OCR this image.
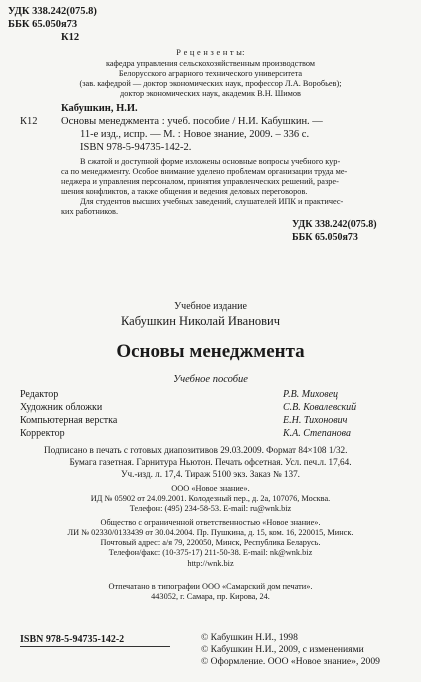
УДК 338.242(075.8)
ББК 65.050я73
К12
Р е ц е н з е н т ы:
кафедра управления сельскохозяйственным производством
Белорусского аграрного технического университета
(зав. кафедрой — доктор экономических наук, профессор Л.А. Воробьев);
доктор экономических наук, академик В.Н. Шимов
Кабушкин, Н.И.
К12 Основы менеджмента : учеб. пособие / Н.И. Кабушкин. —
11-е изд., испр. — М. : Новое знание, 2009. – 336 с.
ISBN 978-5-94735-142-2.
В сжатой и доступной форме изложены основные вопросы учебного кур-
са по менеджменту. Особое внимание уделено проблемам организации труда ме-
неджера и управления персоналом, принятия управленческих решений, разре-
шения конфликтов, а также общения и ведения деловых переговоров.
Для студентов высших учебных заведений, слушателей ИПК и практичес-
ких работников.
УДК 338.242(075.8)
ББК 65.050я73
Учебное издание
Кабушкин Николай Иванович
Основы менеджмента
Учебное пособие
Редактор	Р.В. Миховец
Художник обложки	С.В. Ковалевский
Компьютерная верстка	Е.Н. Тихонович
Корректор	К.А. Степанова
Подписано в печать с готовых диапозитивов 29.03.2009. Формат 84×108 1/32.
Бумага газетная. Гарнитура Ньютон. Печать офсетная. Усл. печ.л. 17,64.
Уч.-изд. л. 17,4. Тираж 5100 экз. Заказ № 137.
ООО «Новое знание».
ИД № 05902 от 24.09.2001. Колодезный пер., д. 2а, 107076, Москва.
Телефон: (495) 234-58-53. E-mail: ru@wnk.biz
Общество с ограниченной ответственностью «Новое знание».
ЛИ № 02330/0133439 от 30.04.2004. Пр. Пушкина, д. 15, ком. 16, 220015, Минск.
Почтовый адрес: а/я 79, 220050, Минск, Республика Беларусь.
Телефон/факс: (10-375-17) 211-50-38. E-mail: nk@wnk.biz
http://wnk.biz
Отпечатано в типографии ООО «Самарский дом печати».
443052, г. Самара, пр. Кирова, 24.
ISBN 978-5-94735-142-2	© Кабушкин Н.И., 1998
© Кабушкин Н.И., 2009, с изменениями
© Оформление. ООО «Новое знание», 2009
